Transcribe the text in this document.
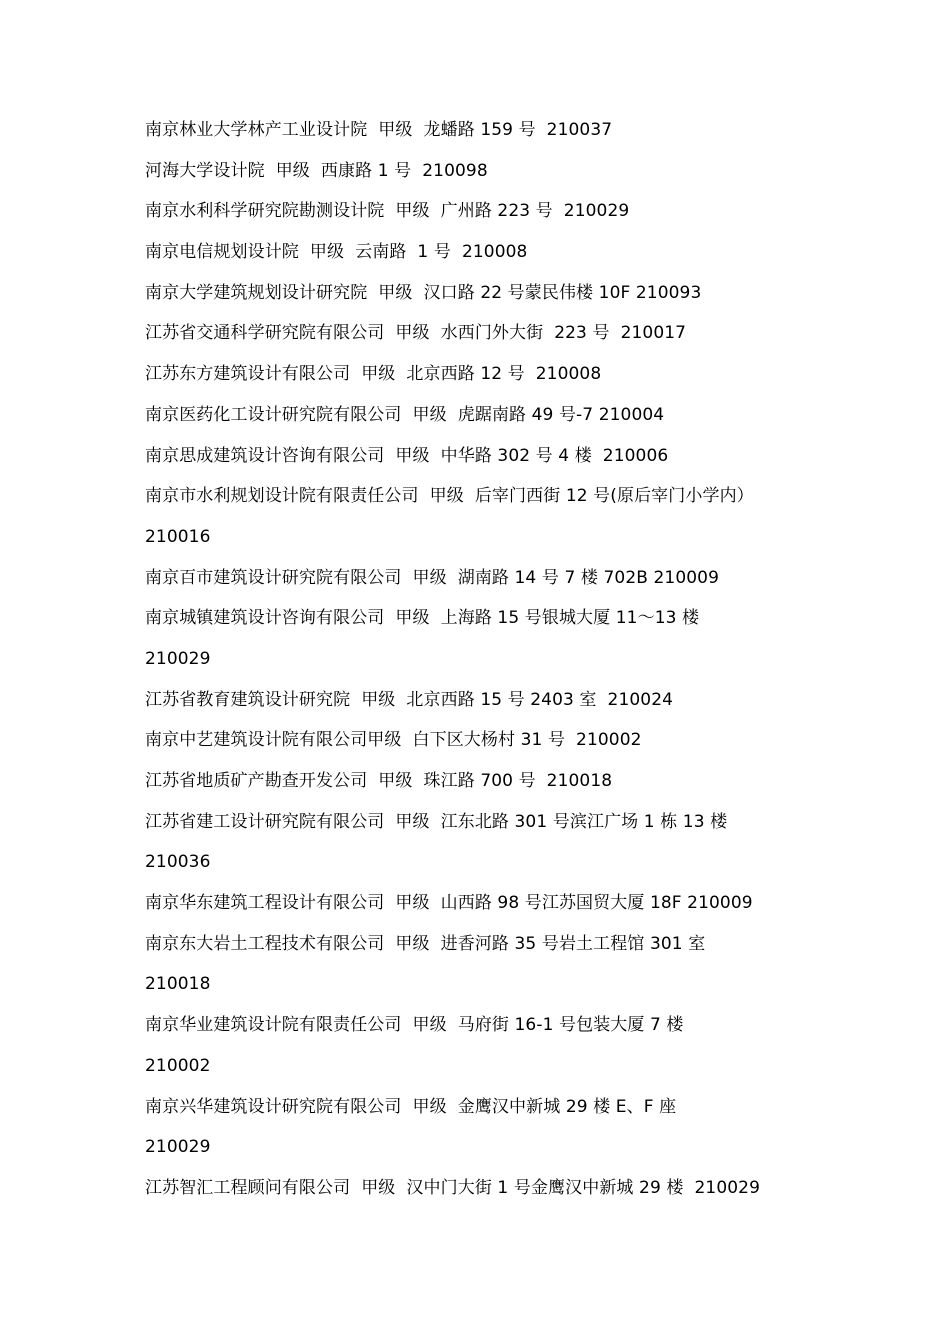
南京林业大学林产工业设计院  甲级  龙蟠路 159 号  210037
河海大学设计院  甲级  西康路 1 号  210098
南京水利科学研究院勘测设计院  甲级  广州路 223 号  210029
南京电信规划设计院  甲级  云南路  1 号  210008
南京大学建筑规划设计研究院  甲级  汉口路 22 号蒙民伟楼 10F 210093
江苏省交通科学研究院有限公司  甲级  水西门外大街  223 号  210017
江苏东方建筑设计有限公司  甲级  北京西路 12 号  210008
南京医药化工设计研究院有限公司  甲级  虎踞南路 49 号-7 210004
南京思成建筑设计咨询有限公司  甲级  中华路 302 号 4 楼  210006
南京市水利规划设计院有限责任公司  甲级  后宰门西街 12 号(原后宰门小学内）
210016
南京百市建筑设计研究院有限公司  甲级  湖南路 14 号 7 楼 702B 210009
南京城镇建筑设计咨询有限公司  甲级  上海路 15 号银城大厦 11～13 楼
210029
江苏省教育建筑设计研究院  甲级  北京西路 15 号 2403 室  210024
南京中艺建筑设计院有限公司甲级  白下区大杨村 31 号  210002
江苏省地质矿产勘查开发公司  甲级  珠江路 700 号  210018
江苏省建工设计研究院有限公司  甲级  江东北路 301 号滨江广场 1 栋 13 楼
210036
南京华东建筑工程设计有限公司  甲级  山西路 98 号江苏国贸大厦 18F 210009
南京东大岩土工程技术有限公司  甲级  进香河路 35 号岩土工程馆 301 室
210018
南京华业建筑设计院有限责任公司  甲级  马府街 16-1 号包装大厦 7 楼
210002
南京兴华建筑设计研究院有限公司  甲级  金鹰汉中新城 29 楼 E、F 座
210029
江苏智汇工程顾问有限公司  甲级  汉中门大街 1 号金鹰汉中新城 29 楼  210029
